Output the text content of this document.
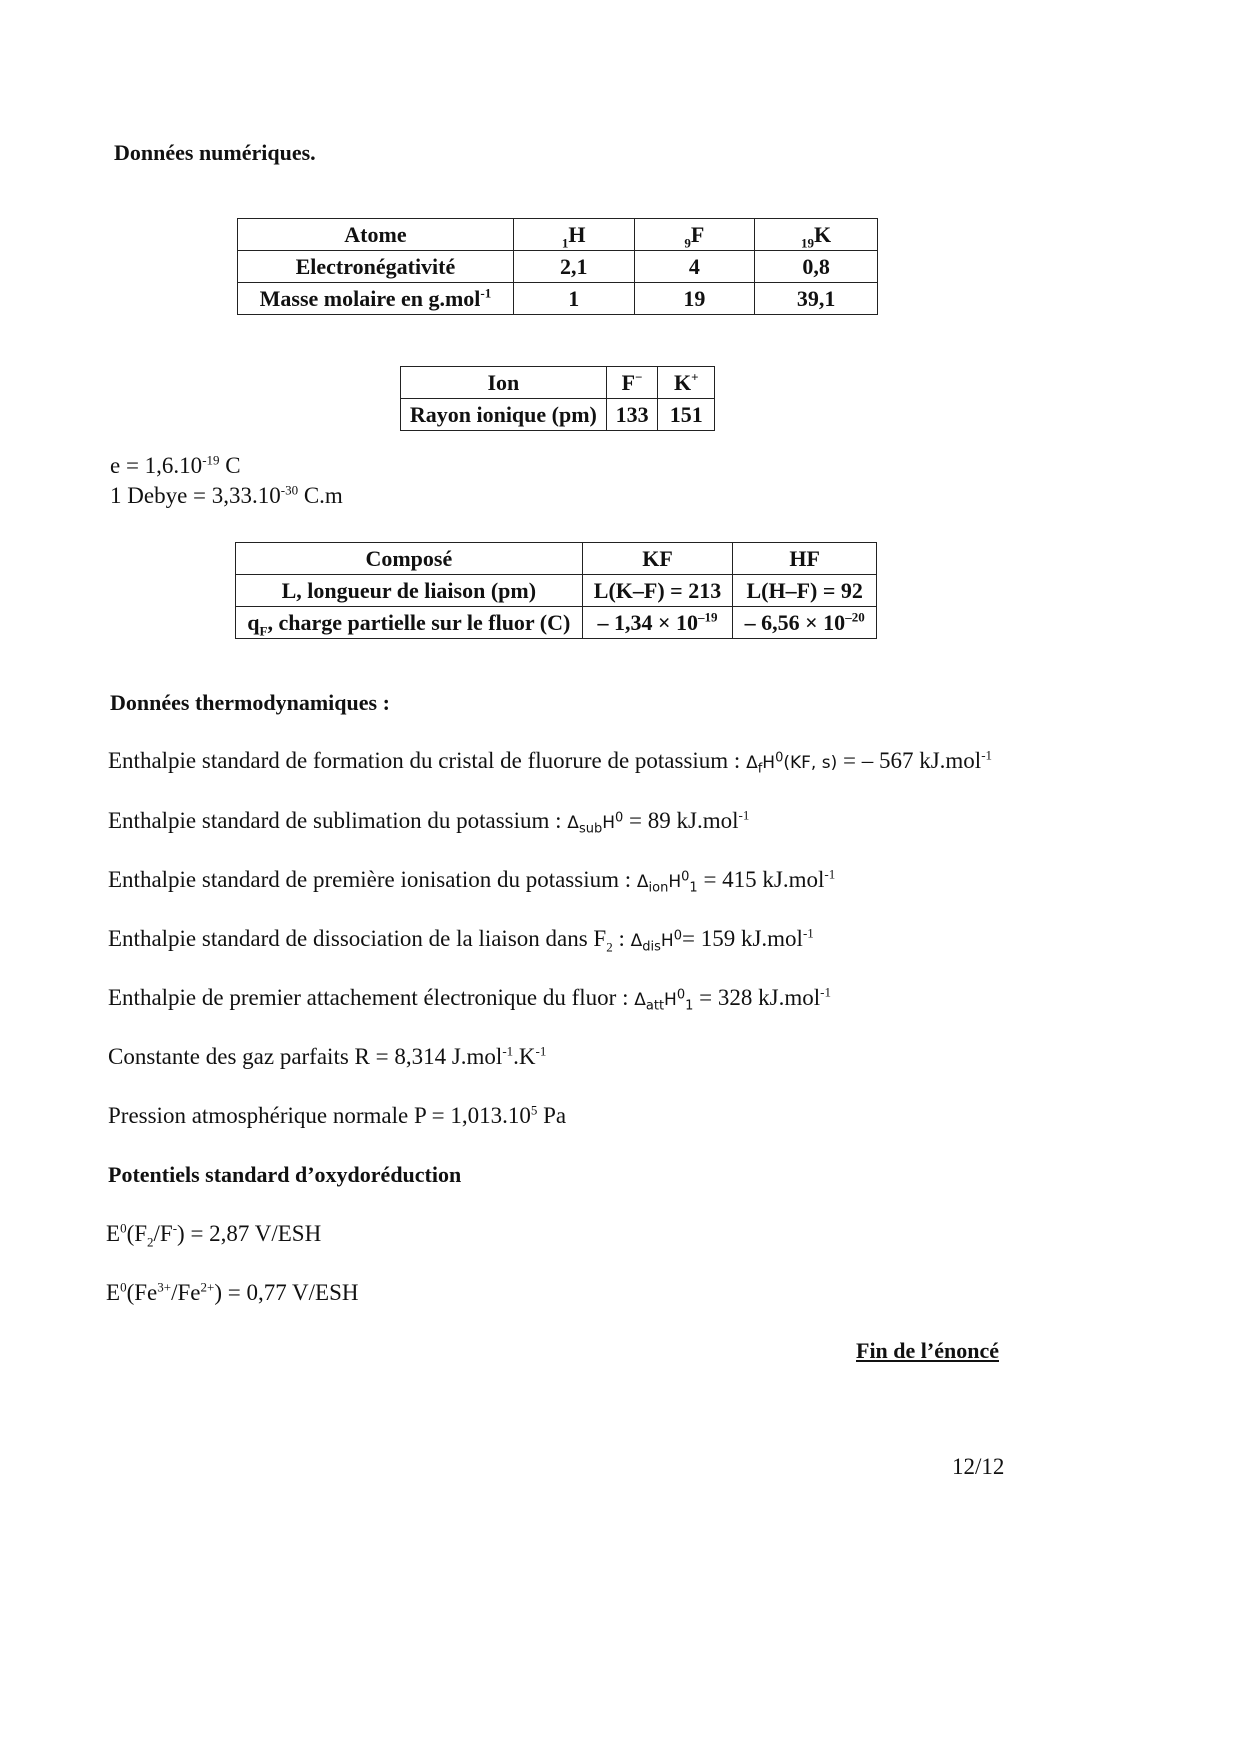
Données numériques.
Atome	$_1$H	$_9$F	$_{19}$K
Electronégativité	2,1	4	0,8
Masse molaire en g.mol$^{-1}$	1	19	39,1
Ion	F−	K+
Rayon ionique (pm)	133	151
$e = 1,6.10^{-19}$ C
1 Debye = $3,33.10^{-30}$ C.m
Composé	KF	HF
L, longueur de liaison (pm)	L(K–F) = 213	L(H–F) = 92
$q_F$, charge partielle sur le fluor (C)	– $1,34 \times 10^{-19}$	– $6,56 \times 10^{-20}$
Données thermodynamiques :
Enthalpie standard de formation du cristal de fluorure de potassium : $\Delta_fH^0(KF$, s) = – 567 kJ.mol$^{-1}$
Enthalpie standard de sublimation du potassium : $\Delta_{sub}H^0 = 89$ kJ.mol$^{-1}$
Enthalpie standard de première ionisation du potassium : $\Delta_{ion}H^0_1 = 415$ kJ.mol$^{-1}$
Enthalpie standard de dissociation de la liaison dans $F_2$ : $\Delta_{dis}H^0= 159$ kJ.mol$^{-1}$
Enthalpie de premier attachement électronique du fluor : $\Delta_{att}H^0_1 = 328$ kJ.mol$^{-1}$
Constante des gaz parfaits R = 8,314 $J.mol^{-1}.K^{-1}$
Pression atmosphérique normale $P = 1,013.10^5$ Pa
Potentiels standard d’oxydoréduction
$E^0(F_2/F^-) = 2,87$ V/ESH
$E^0(Fe^{3+}/Fe^{2+}) = 0,77$ V/ESH
Fin de l’énoncé
12/12
